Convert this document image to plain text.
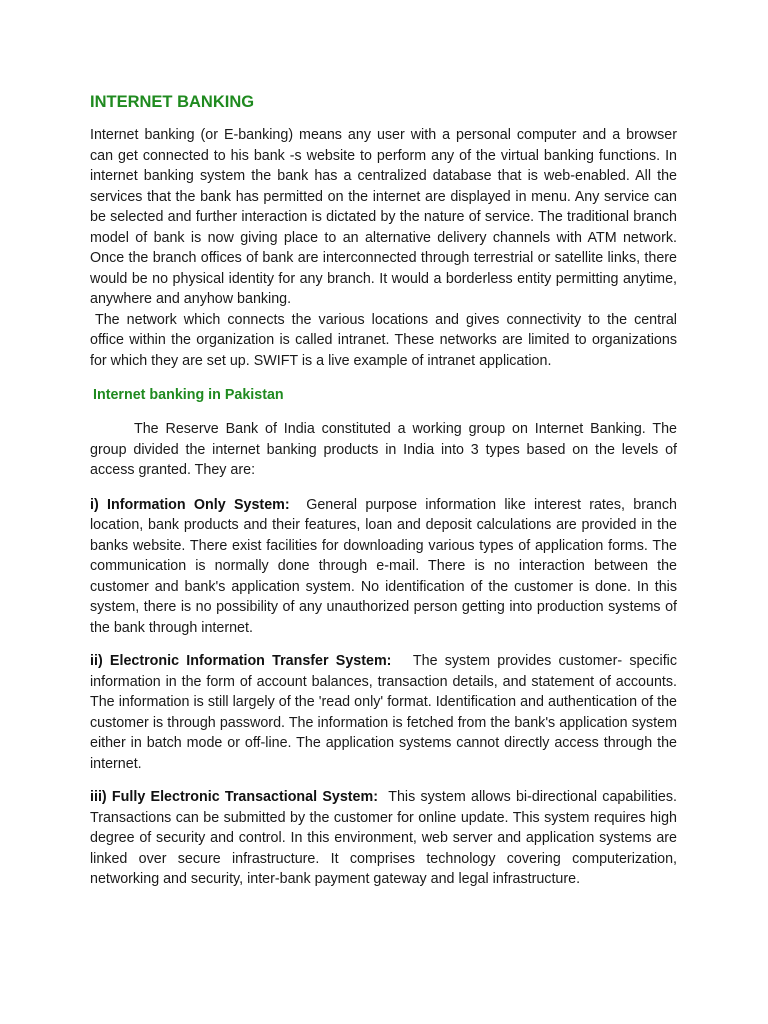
INTERNET BANKING

Internet banking (or E-banking) means any user with a personal computer and a browser can get connected to his bank -s website to perform any of the virtual banking functions. In internet banking system the bank has a centralized database that is web-enabled. All the services that the bank has permitted on the internet are displayed in menu. Any service can be selected and further interaction is dictated by the nature of service. The traditional branch model of bank is now giving place to an alternative delivery channels with ATM network. Once the branch offices of bank are interconnected through terrestrial or satellite links, there would be no physical identity for any branch. It would a borderless entity permitting anytime, anywhere and anyhow banking.

The network which connects the various locations and gives connectivity to the central office within the organization is called intranet. These networks are limited to organizations for which they are set up. SWIFT is a live example of intranet application.

Internet banking in Pakistan

The Reserve Bank of India constituted a working group on Internet Banking. The group divided the internet banking products in India into 3 types based on the levels of access granted. They are:

i) Information Only System: General purpose information like interest rates, branch location, bank products and their features, loan and deposit calculations are provided in the banks website. There exist facilities for downloading various types of application forms. The communication is normally done through e-mail. There is no interaction between the customer and bank's application system. No identification of the customer is done. In this system, there is no possibility of any unauthorized person getting into production systems of the bank through internet.

ii) Electronic Information Transfer System: The system provides customer- specific information in the form of account balances, transaction details, and statement of accounts. The information is still largely of the 'read only' format. Identification and authentication of the customer is through password. The information is fetched from the bank's application system either in batch mode or off-line. The application systems cannot directly access through the internet.

iii) Fully Electronic Transactional System: This system allows bi-directional capabilities. Transactions can be submitted by the customer for online update. This system requires high degree of security and control. In this environment, web server and application systems are linked over secure infrastructure. It comprises technology covering computerization, networking and security, inter-bank payment gateway and legal infrastructure.
